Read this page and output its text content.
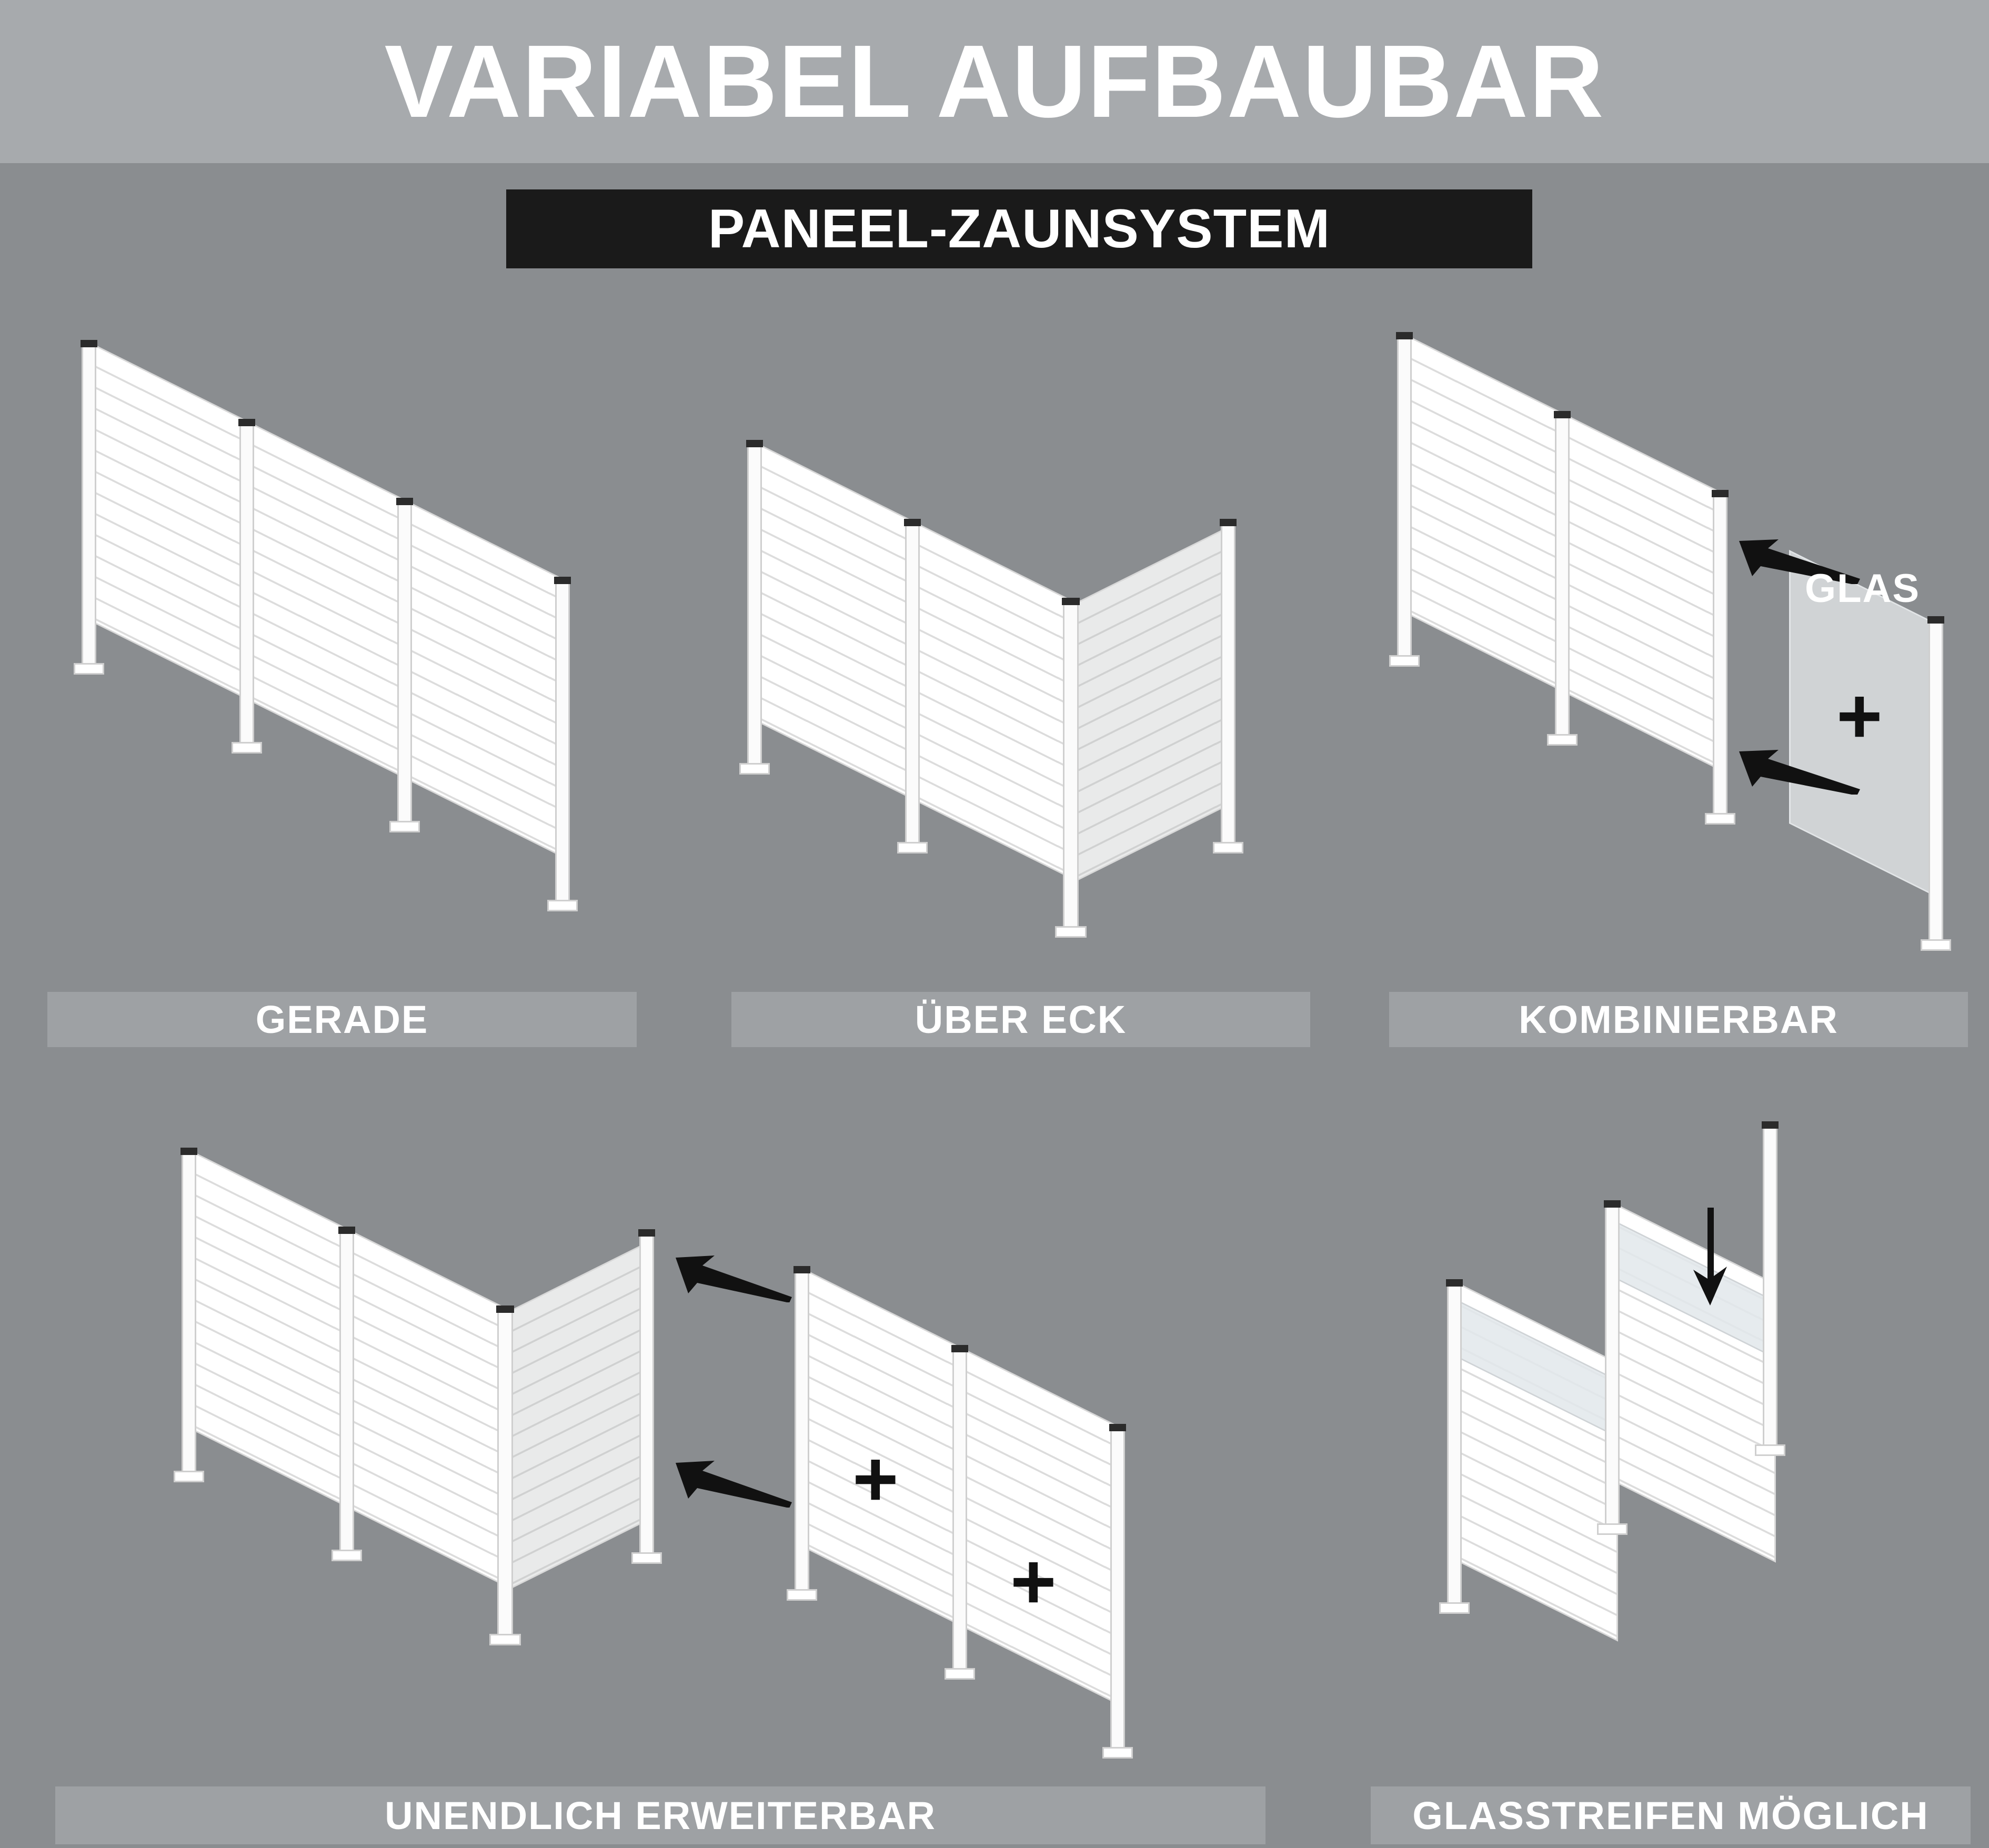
VARIABEL AUFBAUBAR
PANEEL-ZAUNSYSTEM
GERADE	ÜBER ECK
+
GLAS
KOMBINIERBAR
+
+
UNENDLICH ERWEITERBAR	GLASSTREIFEN MÖGLICH
